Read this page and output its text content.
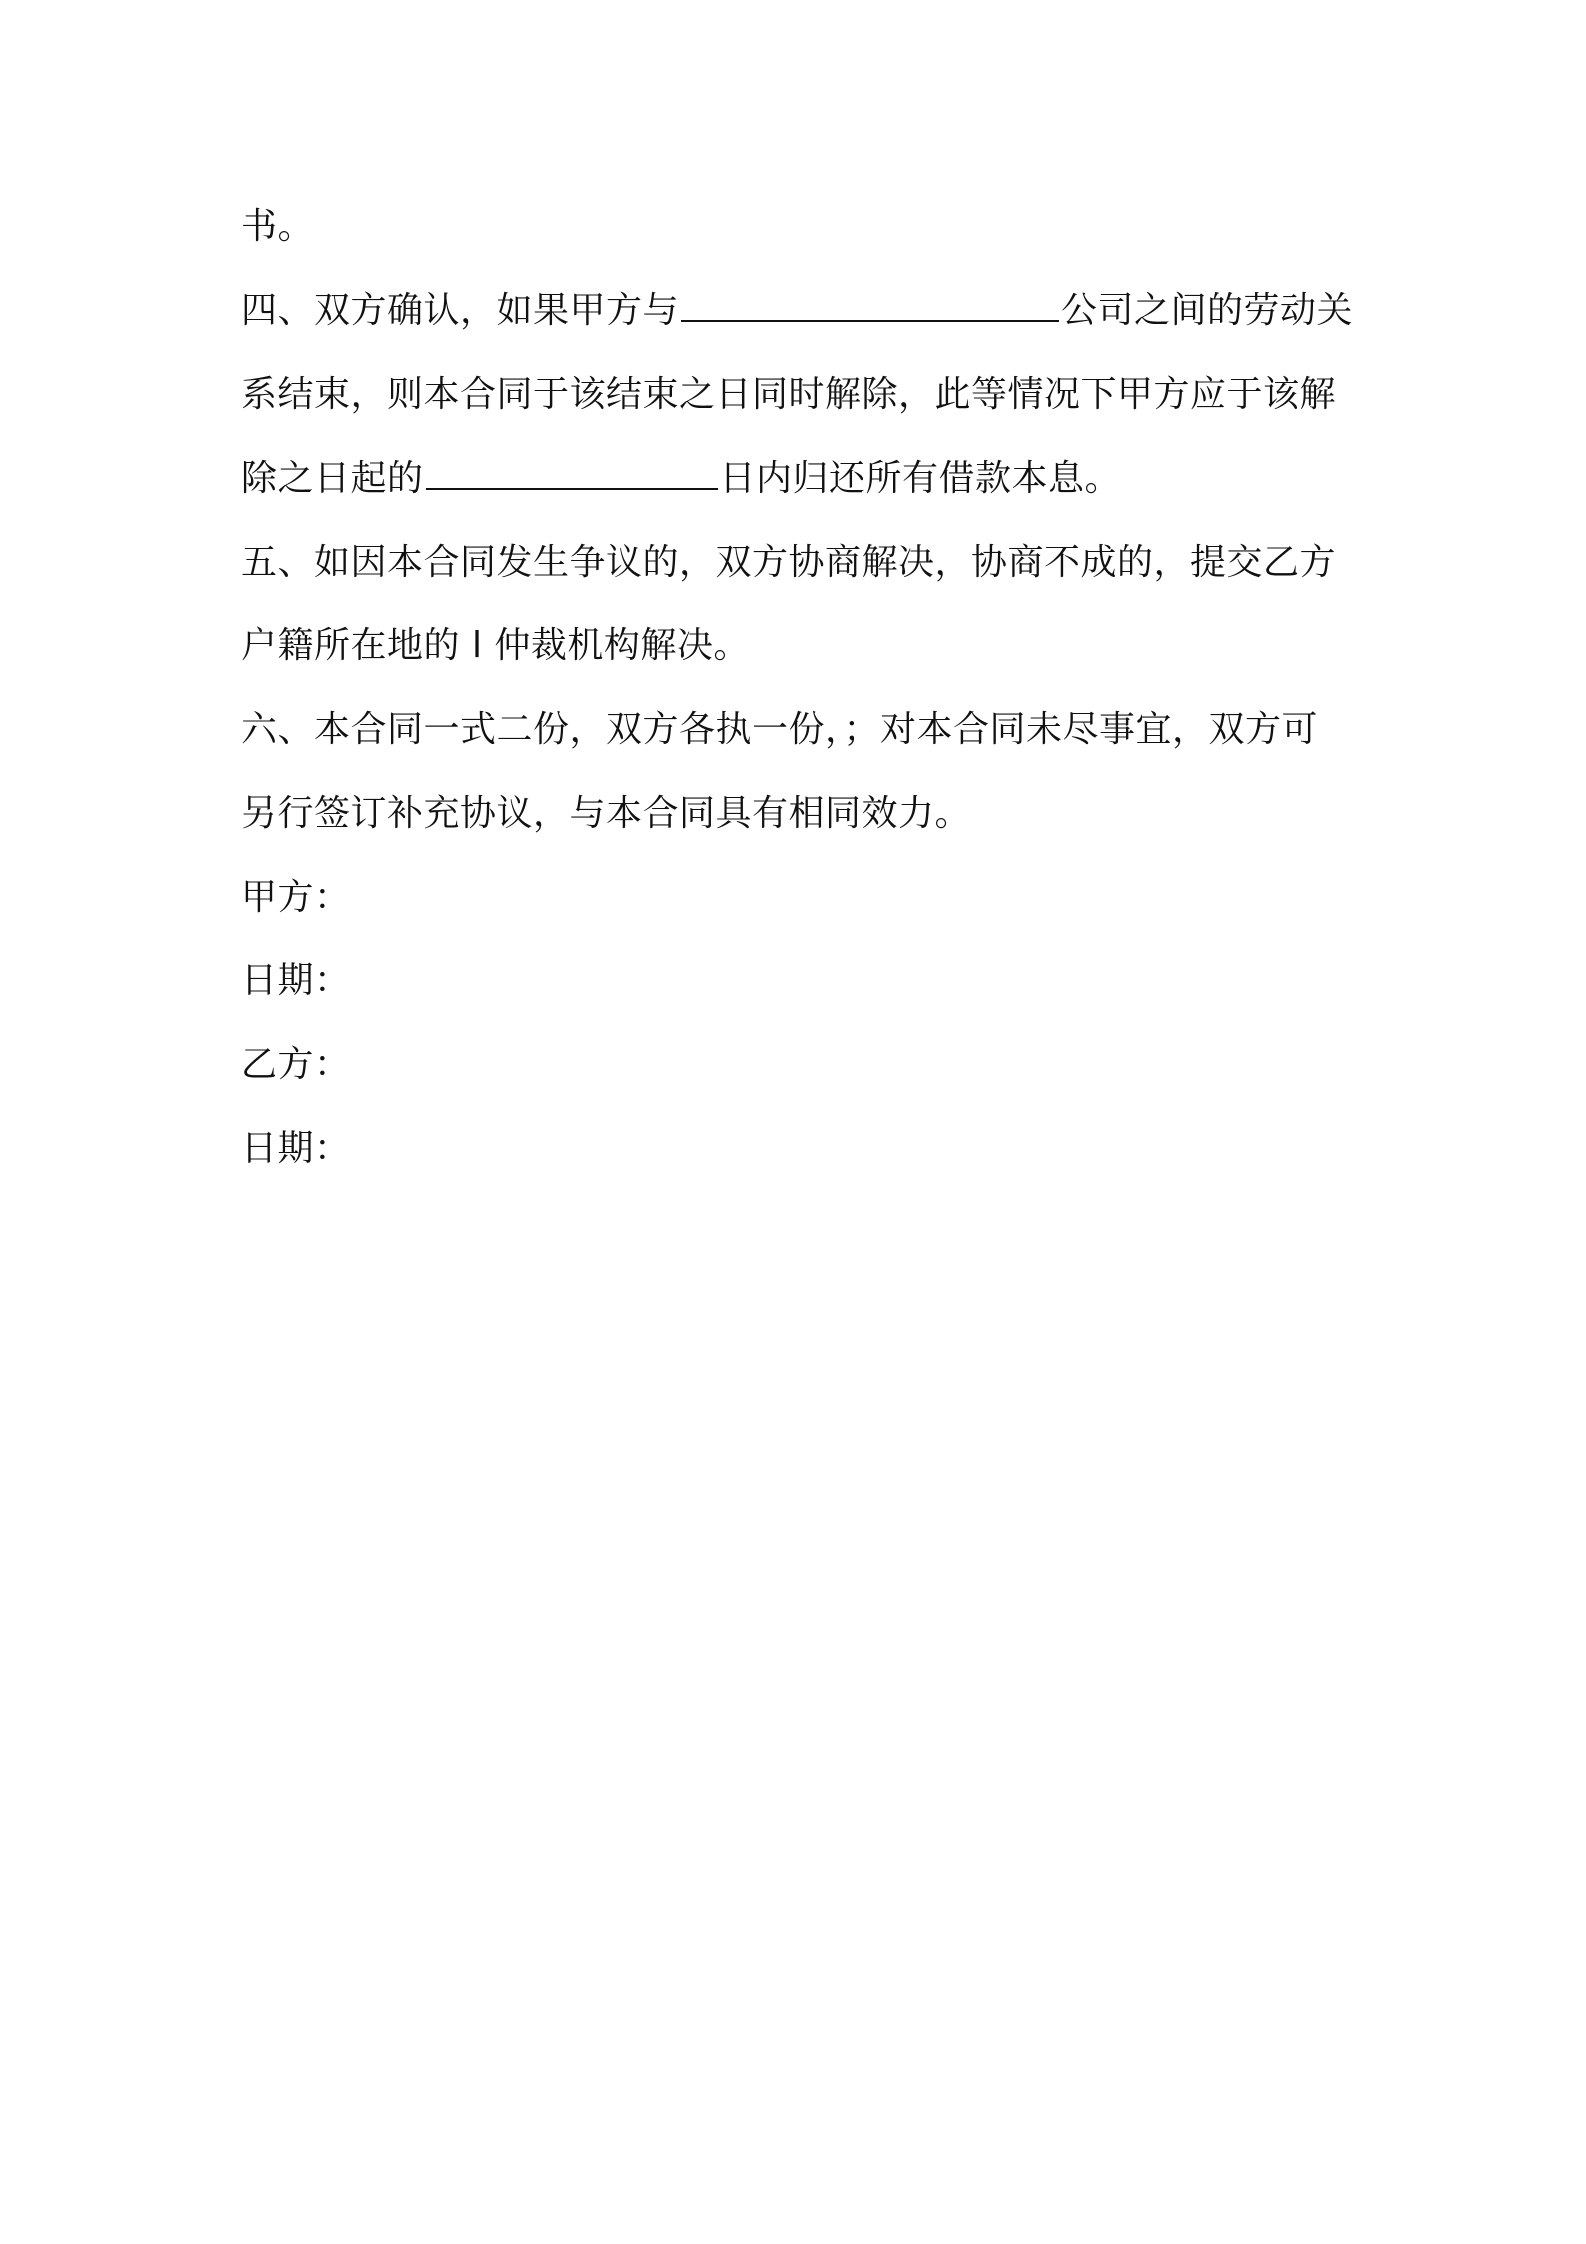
书。
四、双方确认，如果甲方与	公司之间的劳动关
系结束，则本合同于该结束之日同时解除，此等情况下甲方应于该解
除之日起的	日内归还所有借款本息。
五、如因本合同发生争议的，双方协商解决，协商不成的，提交乙方
户籍所在地的 l 仲裁机构解决。
六、本合同一式二份，双方各执一份，；对本合同未尽事宜，双方可
另行签订补充协议，与本合同具有相同效力。
甲方：
日期：
乙方：
日期：
